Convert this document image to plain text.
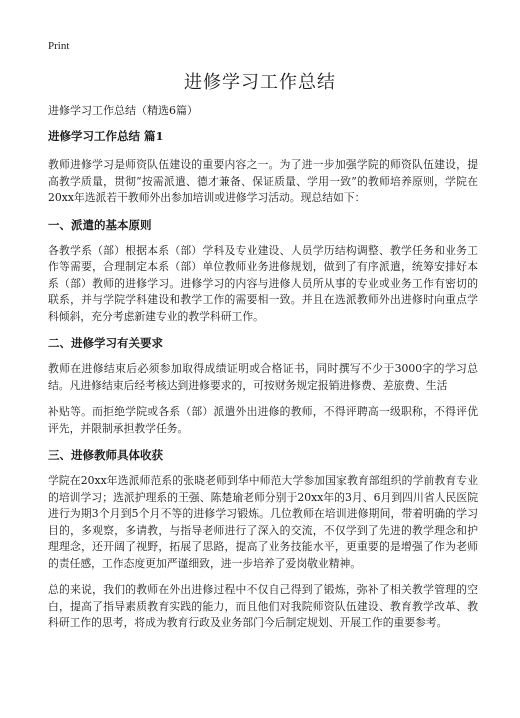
Print
进修学习工作总结
进修学习工作总结（精选6篇）
进修学习工作总结 篇1

教师进修学习是师资队伍建设的重要内容之一。为了进一步加强学院的师资队伍建设，提高教学质量，贯彻“按需派遣、德才兼备、保证质量、学用一致”的教师培养原则，学院在20xx年选派若干教师外出参加培训或进修学习活动。现总结如下：

一、派遣的基本原则

各教学系（部）根据本系（部）学科及专业建设、人员学历结构调整、教学任务和业务工作等需要，合理制定本系（部）单位教师业务进修规划，做到了有序派遣，统筹安排好本系（部）教师的进修学习。进修学习的内容与进修人员所从事的专业或业务工作有密切的联系，并与学院学科建设和教学工作的需要相一致。并且在选派教师外出进修时向重点学科倾斜，充分考虑新建专业的教学科研工作。

二、进修学习有关要求

教师在进修结束后必须参加取得成绩证明或合格证书，同时撰写不少于3000字的学习总结。凡进修结束后经考核达到进修要求的，可按财务规定报销进修费、差旅费、生活

补贴等。而拒绝学院或各系（部）派遣外出进修的教师，不得评聘高一级职称，不得评优评先，并限制承担教学任务。

三、进修教师具体收获

学院在20xx年选派师范系的张晓老师到华中师范大学参加国家教育部组织的学前教育专业的培训学习；选派护理系的王强、陈楚瑜老师分别于20xx年的3月、6月到四川省人民医院进行为期3个月到5个月不等的进修学习锻炼。几位教师在培训进修期间，带着明确的学习目的，多观察，多请教，与指导老师进行了深入的交流，不仅学到了先进的教学理念和护理理念，还开阔了视野，拓展了思路，提高了业务技能水平，更重要的是增强了作为老师的责任感，工作态度更加严谨细致，进一步培养了爱岗敬业精神。

总的来说，我们的教师在外出进修过程中不仅自己得到了锻炼，弥补了相关教学管理的空白，提高了指导素质教育实践的能力，而且他们对我院师资队伍建设、教育教学改革、教科研工作的思考，将成为教育行政及业务部门今后制定规划、开展工作的重要参考。
